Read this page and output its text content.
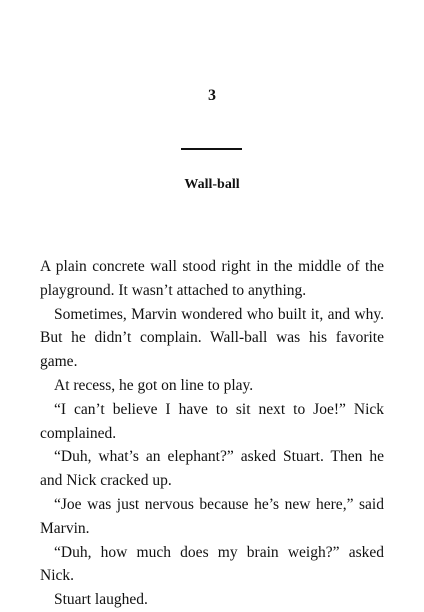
3
Wall-ball

A plain concrete wall stood right in the middle of the playground. It wasn’t attached to anything.

Sometimes, Marvin wondered who built it, and why. But he didn’t complain. Wall-ball was his favorite game.

At recess, he got on line to play.

“I can’t believe I have to sit next to Joe!” Nick complained.

“Duh, what’s an elephant?” asked Stuart. Then he and Nick cracked up.

“Joe was just nervous because he’s new here,” said Marvin.

“Duh, how much does my brain weigh?” asked Nick.

Stuart laughed.
